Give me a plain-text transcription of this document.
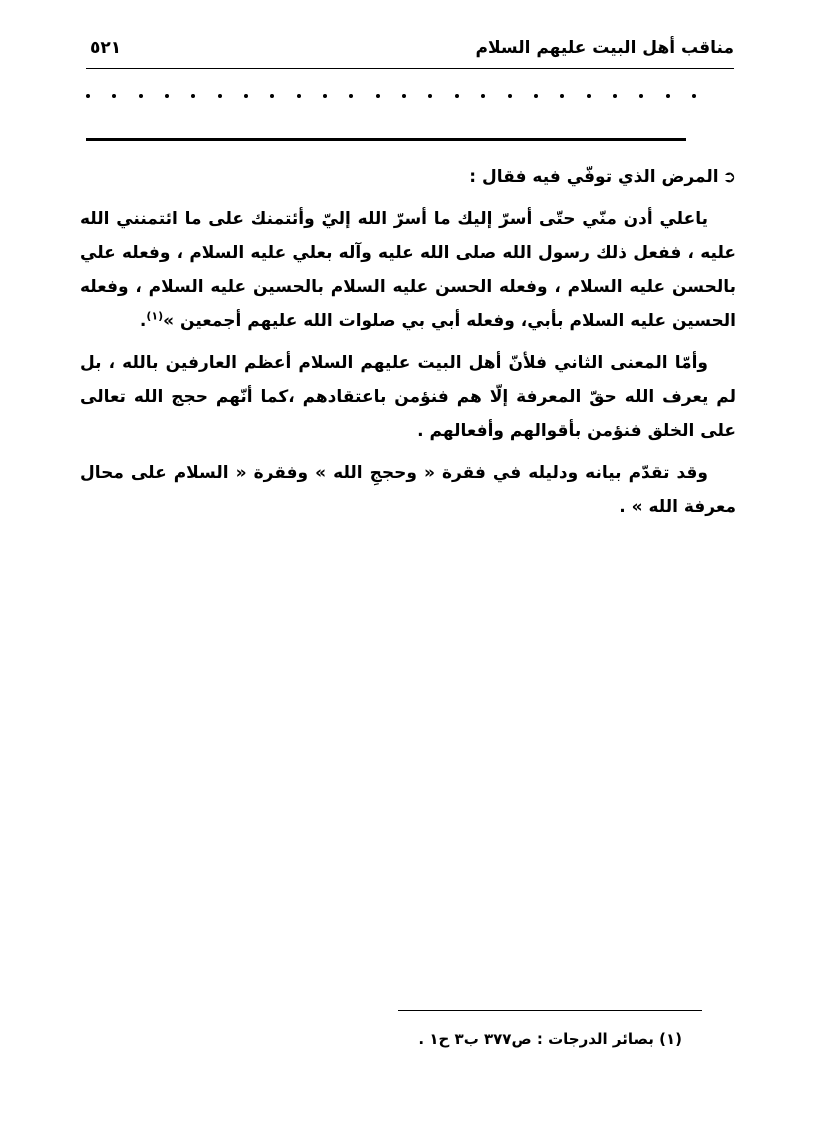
مناقب أهل البيت عليهم السلام
٥٢١

➲المرض الذي توفّي فيه فقال :

ياعلي أدن منّي حتّى أسرّ إليك ما أسرّ الله إليّ وأئتمنك على ما ائتمنني الله عليه ، ففعل ذلك رسول الله صلى الله عليه وآله بعلي عليه السلام ، وفعله علي بالحسن عليه السلام ، وفعله الحسن عليه السلام بالحسين عليه السلام ، وفعله الحسين عليه السلام بأبي، وفعله أبي بي صلوات الله عليهم أجمعين »$^{(١)}$.

وأمّا المعنى الثاني فلأنّ أهل البيت عليهم السلام أعظم العارفين بالله ، بل لم يعرف الله حقّ المعرفة إلّا هم فنؤمن باعتقادهم ،كما أنّهم حجج الله تعالى على الخلق فنؤمن بأقوالهم وأفعالهم .

وقد تقدّم بيانه ودليله في فقرة « وحججِ الله » وفقرة « السلام على محال معرفة الله » .

(١) بصائر الدرجات : ص٣٧٧ ب٣ ح١ .
